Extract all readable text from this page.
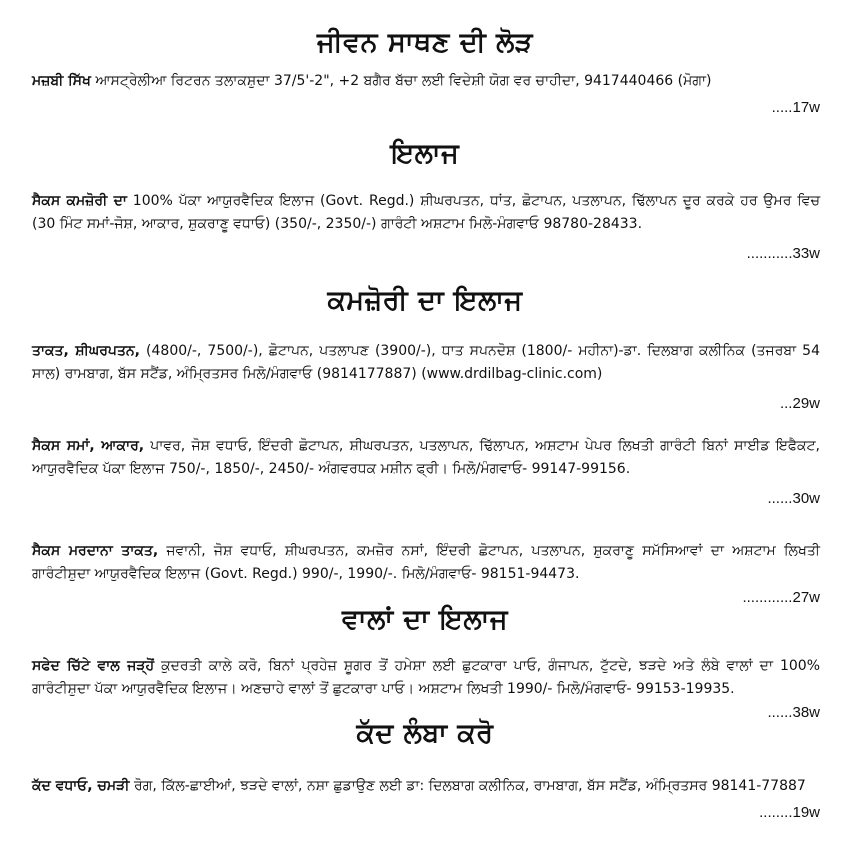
ਜੀਵਨ ਸਾਥਣ ਦੀ ਲੋੜ
ਮਜ਼ਬੀ ਸਿੱਖ ਆਸਟ੍ਰੇਲੀਆ ਰਿਟਰਨ ਤਲਾਕਸ਼ੁਦਾ 37/5'-2", +2 ਬਗੈਰ ਬੱਚਾ ਲਈ ਵਿਦੇਸ਼ੀ ਯੋਗ ਵਰ ਚਾਹੀਦਾ, 9417440466 (ਮੋਗਾ)
.....17w
ਇਲਾਜ
ਸੈਕਸ ਕਮਜ਼ੋਰੀ ਦਾ 100% ਪੱਕਾ ਆਯੁਰਵੈਦਿਕ ਇਲਾਜ (Govt. Regd.) ਸ਼ੀਘਰਪਤਨ, ਧਾਂਤ, ਛੋਟਾਪਨ, ਪਤਲਾਪਨ, ਢਿੱਲਾਪਨ ਦੂਰ ਕਰਕੇ ਹਰ ਉਮਰ ਵਿਚ (30 ਮਿੰਟ ਸਮਾਂ-ਜੋਸ਼, ਆਕਾਰ, ਸ਼ੁਕਰਾਣੂ ਵਧਾਓ) (350/-, 2350/-) ਗਾਰੰਟੀ ਅਸ਼ਟਾਮ ਮਿਲੋ-ਮੰਗਵਾਓ 98780-28433.
...........33w
ਕਮਜ਼ੋਰੀ ਦਾ ਇਲਾਜ
ਤਾਕਤ, ਸ਼ੀਘਰਪਤਨ, (4800/-, 7500/-), ਛੋਟਾਪਨ, ਪਤਲਾਪਣ (3900/-), ਧਾਤ ਸਪਨਦੋਸ਼ (1800/- ਮਹੀਨਾ)-ਡਾ. ਦਿਲਬਾਗ ਕਲੀਨਿਕ (ਤਜਰਬਾ 54 ਸਾਲ) ਰਾਮਬਾਗ, ਬੱਸ ਸਟੈਂਡ, ਅੰਮ੍ਰਿਤਸਰ ਮਿਲੋ/ਮੰਗਵਾਓ (9814177887) (www.drdilbag-clinic.com)
...29w
ਸੈਕਸ ਸਮਾਂ, ਆਕਾਰ, ਪਾਵਰ, ਜੋਸ਼ ਵਧਾਓ, ਇੰਦਰੀ ਛੋਟਾਪਨ, ਸ਼ੀਘਰਪਤਨ, ਪਤਲਾਪਨ, ਢਿੱਲਾਪਨ, ਅਸ਼ਟਾਮ ਪੇਪਰ ਲਿਖਤੀ ਗਾਰੰਟੀ ਬਿਨਾਂ ਸਾਈਡ ਇਫੈਕਟ, ਆਯੁਰਵੈਦਿਕ ਪੱਕਾ ਇਲਾਜ 750/-, 1850/-, 2450/- ਅੰਗਵਰਧਕ ਮਸ਼ੀਨ ਫ੍ਰੀ। ਮਿਲੋ/ਮੰਗਵਾਓ- 99147-99156.
......30w
ਸੈਕਸ ਮਰਦਾਨਾ ਤਾਕਤ, ਜਵਾਨੀ, ਜੋਸ਼ ਵਧਾਓ, ਸ਼ੀਘਰਪਤਨ, ਕਮਜ਼ੋਰ ਨਸਾਂ, ਇੰਦਰੀ ਛੋਟਾਪਨ, ਪਤਲਾਪਨ, ਸ਼ੁਕਰਾਣੂ ਸਮੱਸਿਆਵਾਂ ਦਾ ਅਸ਼ਟਾਮ ਲਿਖਤੀ ਗਾਰੰਟੀਸ਼ੁਦਾ ਆਯੁਰਵੈਦਿਕ ਇਲਾਜ (Govt. Regd.) 990/-, 1990/-. ਮਿਲੋ/ਮੰਗਵਾਓ- 98151-94473.
............27w
ਵਾਲਾਂ ਦਾ ਇਲਾਜ
ਸਫੇਦ ਚਿੱਟੇ ਵਾਲ ਜੜ੍ਹੋਂ ਕੁਦਰਤੀ ਕਾਲੇ ਕਰੋ, ਬਿਨਾਂ ਪ੍ਰਹੇਜ਼ ਸ਼ੂਗਰ ਤੋਂ ਹਮੇਸ਼ਾ ਲਈ ਛੁਟਕਾਰਾ ਪਾਓ, ਗੰਜਾਪਨ, ਟੁੱਟਦੇ, ਝੜਦੇ ਅਤੇ ਲੰਬੇ ਵਾਲਾਂ ਦਾ 100% ਗਾਰੰਟੀਸ਼ੁਦਾ ਪੱਕਾ ਆਯੁਰਵੈਦਿਕ ਇਲਾਜ। ਅਣਚਾਹੇ ਵਾਲਾਂ ਤੋਂ ਛੁਟਕਾਰਾ ਪਾਓ। ਅਸ਼ਟਾਮ ਲਿਖਤੀ 1990/- ਮਿਲੋ/ਮੰਗਵਾਓ- 99153-19935.
......38w
ਕੱਦ ਲੰਬਾ ਕਰੋ
ਕੱਦ ਵਧਾਓ, ਚਮੜੀ ਰੋਗ, ਕਿੱਲ-ਛਾਈਆਂ, ਝੜਦੇ ਵਾਲਾਂ, ਨਸ਼ਾ ਛੁਡਾਉਣ ਲਈ ਡਾ: ਦਿਲਬਾਗ ਕਲੀਨਿਕ, ਰਾਮਬਾਗ, ਬੱਸ ਸਟੈਂਡ, ਅੰਮ੍ਰਿਤਸਰ 98141-77887
........19w
